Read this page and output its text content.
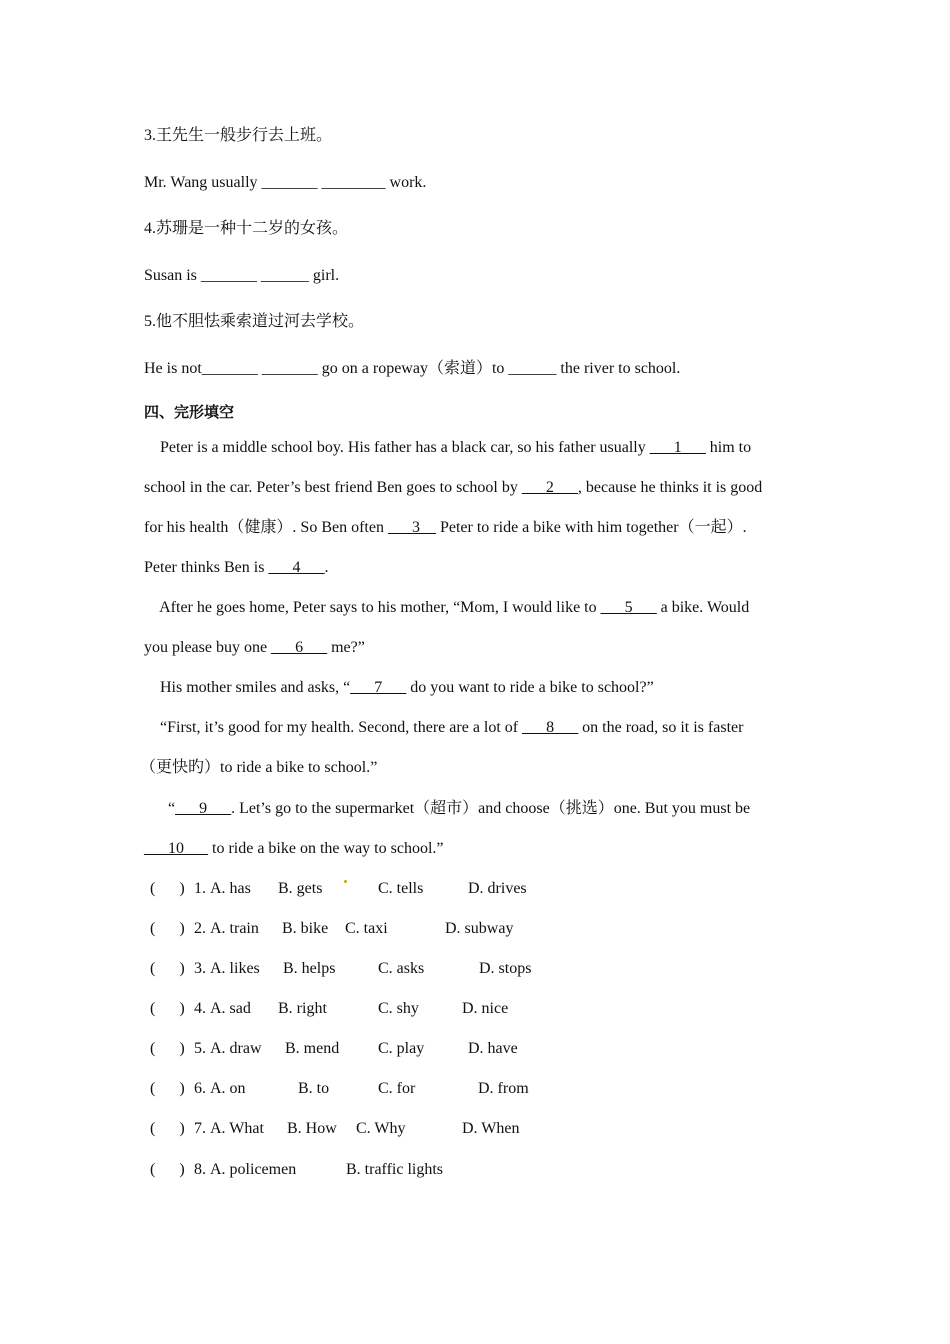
3.王先生一般步行去上班。
Mr. Wang usually _______ ________ work.
4.苏珊是一种十二岁的女孩。
Susan is _______ ______ girl.
5.他不胆怯乘索道过河去学校。
He is not_______ _______ go on a ropeway（索道）to ______ the river to school.
四、完形填空
Peter is a middle school boy. His father has a black car, so his father usually ___1___ him to
school in the car. Peter’s best friend Ben goes to school by ___2___, because he thinks it is good
for his health（健康）. So Ben often ___3__ Peter to ride a bike with him together（一起）.
Peter thinks Ben is ___4___.
After he goes home, Peter says to his mother, “Mom, I would like to ___5___ a bike. Would
you please buy one ___6___ me?”
His mother smiles and asks, “___7___ do you want to ride a bike to school?”
“First, it’s good for my health. Second, there are a lot of ___8___ on the road, so it is faster
（更快旳）to ride a bike to school.”
“___9___. Let’s go to the supermarket（超市）and choose（挑选）one. But you must be
___10___ to ride a bike on the way to school.”
(      ) 1. A. has B. gets	C. tells	D. drives
(      ) 2. A. train B. bike C. taxi	D. subway
(      ) 3. A. likes B. helps	C. asks	D. stops
(      ) 4. A. sad B. right	C. shy	D. nice
(      ) 5. A. draw B. mend C. play	D. have
(      ) 6. A. on	B. to	C. for	D. from
(      ) 7. A. What B. How C. Why	D. When
(      ) 8. A. policemen	B. traffic lights
